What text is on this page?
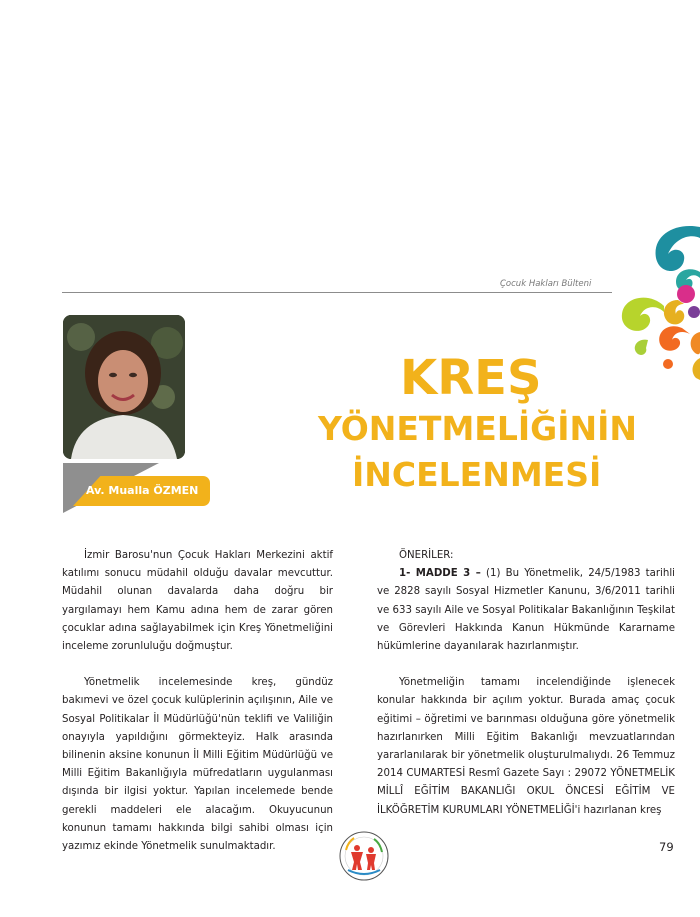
Çocuk Hakları Bülteni
Av. Mualla ÖZMEN
KREŞ
YÖNETMELİĞİNİN
İNCELENMESİ

İzmir Barosu'nun Çocuk Hakları Merkezini aktif katılımı sonucu müdahil olduğu davalar mevcuttur. Müdahil olunan davalarda daha doğru bir yargılamayı hem Kamu adına hem de zarar gören çocuklar adına sağlayabilmek için Kreş Yönetmeliğini inceleme zorunluluğu doğmuştur.

Yönetmelik incelemesinde kreş, gündüz bakımevi ve özel çocuk kulüplerinin açılışının, Aile ve Sosyal Politikalar İl Müdürlüğü'nün teklifi ve Valiliğin onayıyla yapıldığını görmekteyiz. Halk arasında bilinenin aksine konunun İl Milli Eğitim Müdürlüğü ve Milli Eğitim Bakanlığıyla müfredatların uygulanması dışında bir ilgisi yoktur. Yapılan incelemede bende gerekli maddeleri ele alacağım. Okuyucunun konunun tamamı hakkında bilgi sahibi olması için yazımız ekinde Yönetmelik sunulmaktadır.

ÖNERİLER:

1- MADDE 3 – (1) Bu Yönetmelik, 24/5/1983 tarihli ve 2828 sayılı Sosyal Hizmetler Kanunu, 3/6/2011 tarihli ve 633 sayılı Aile ve Sosyal Politikalar Bakanlığının Teşkilat ve Görevleri Hakkında Kanun Hükmünde Kararname hükümlerine dayanılarak hazırlanmıştır.

Yönetmeliğin tamamı incelendiğinde işlenecek konular hakkında bir açılım yoktur. Burada amaç çocuk eğitimi – öğretimi ve barınması olduğuna göre yönetmelik hazırlanırken Milli Eğitim Bakanlığı mevzuatlarından yararlanılarak bir yönetmelik oluşturulmalıydı. 26 Temmuz 2014 CUMARTESİ Resmî Gazete Sayı : 29072 YÖNETMELİK MİLLÎ EĞİTİM BAKANLIĞI OKUL ÖNCESİ EĞİTİM VE İLKÖĞRETİM KURUMLARI YÖNETMELİĞİ'i hazırlanan kreş

79
